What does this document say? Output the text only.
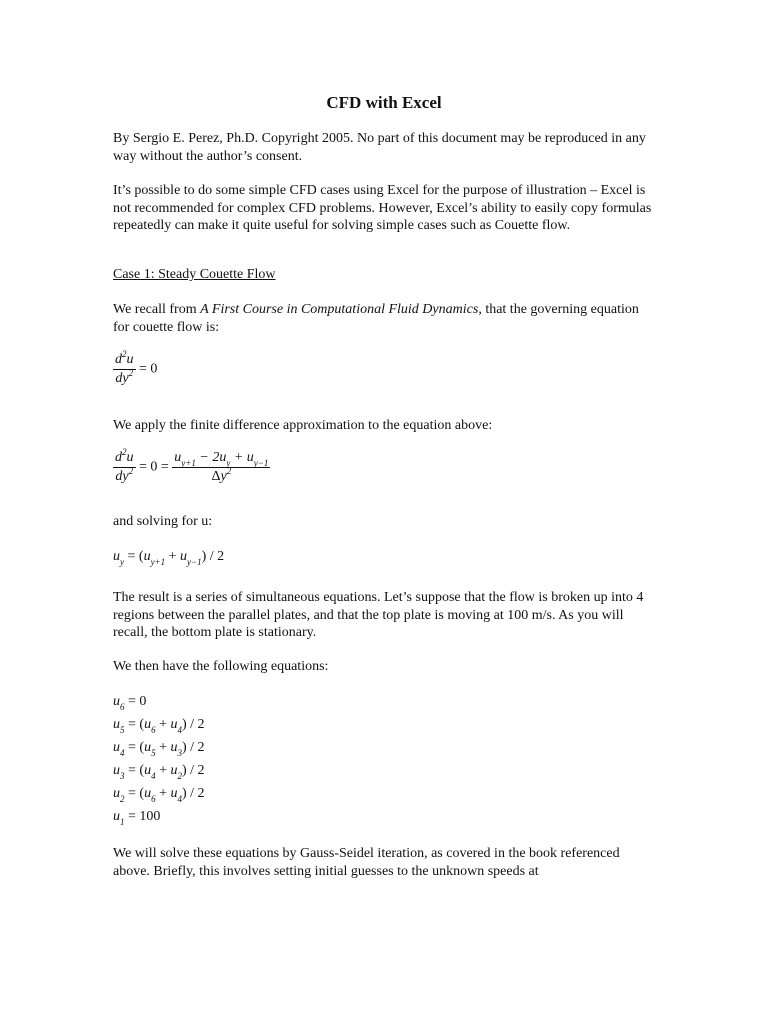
CFD with Excel
By Sergio E. Perez, Ph.D. Copyright 2005. No part of this document may be reproduced in any way without the author’s consent.
It’s possible to do some simple CFD cases using Excel for the purpose of illustration – Excel is not recommended for complex CFD problems. However, Excel’s ability to easily copy formulas repeatedly can make it quite useful for solving simple cases such as Couette flow.
Case 1: Steady Couette Flow
We recall from A First Course in Computational Fluid Dynamics, that the governing equation for couette flow is:
$\frac{d^2u}{dy^2} = 0$
We apply the finite difference approximation to the equation above:
$\frac{d^2u}{dy^2} = 0 = \frac{u_{y+1} - 2u_y + u_{y-1}}{\Delta y^2}$
and solving for u:
$u_y = (u_{y+1} + u_{y-1}) / 2$
The result is a series of simultaneous equations. Let’s suppose that the flow is broken up into 4 regions between the parallel plates, and that the top plate is moving at 100 m/s. As you will recall, the bottom plate is stationary.
We then have the following equations:
$u_6 = 0$
$u_5 = (u_6 + u_4) / 2$
$u_4 = (u_5 + u_3) / 2$
$u_3 = (u_4 + u_2) / 2$
$u_2 = (u_6 + u_4) / 2$
$u_1 = 100$
We will solve these equations by Gauss-Seidel iteration, as covered in the book referenced above. Briefly, this involves setting initial guesses to the unknown speeds at
